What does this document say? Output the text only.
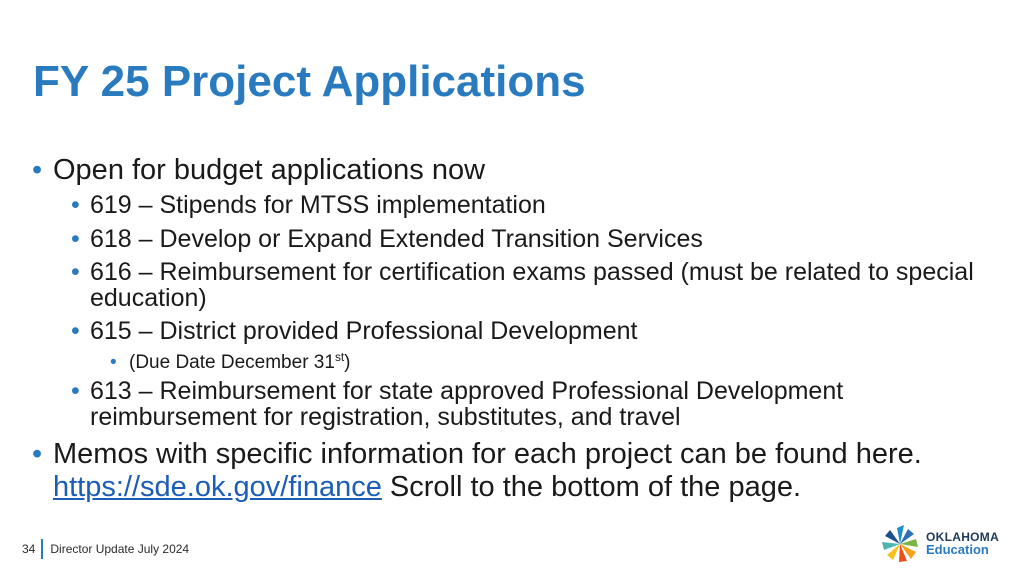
FY 25 Project Applications
• Open for budget applications now
• 619 – Stipends for MTSS implementation
• 618 – Develop or Expand Extended Transition Services
• 616 – Reimbursement for certification exams passed (must be related to special education)
• 615 – District provided Professional Development
• (Due Date December 31st)
• 613 – Reimbursement for state approved Professional Development reimbursement for registration, substitutes, and travel
• Memos with specific information for each project can be found here. https://sde.ok.gov/finance Scroll to the bottom of the page.
34 Director Update July 2024
OKLAHOMA
Education
